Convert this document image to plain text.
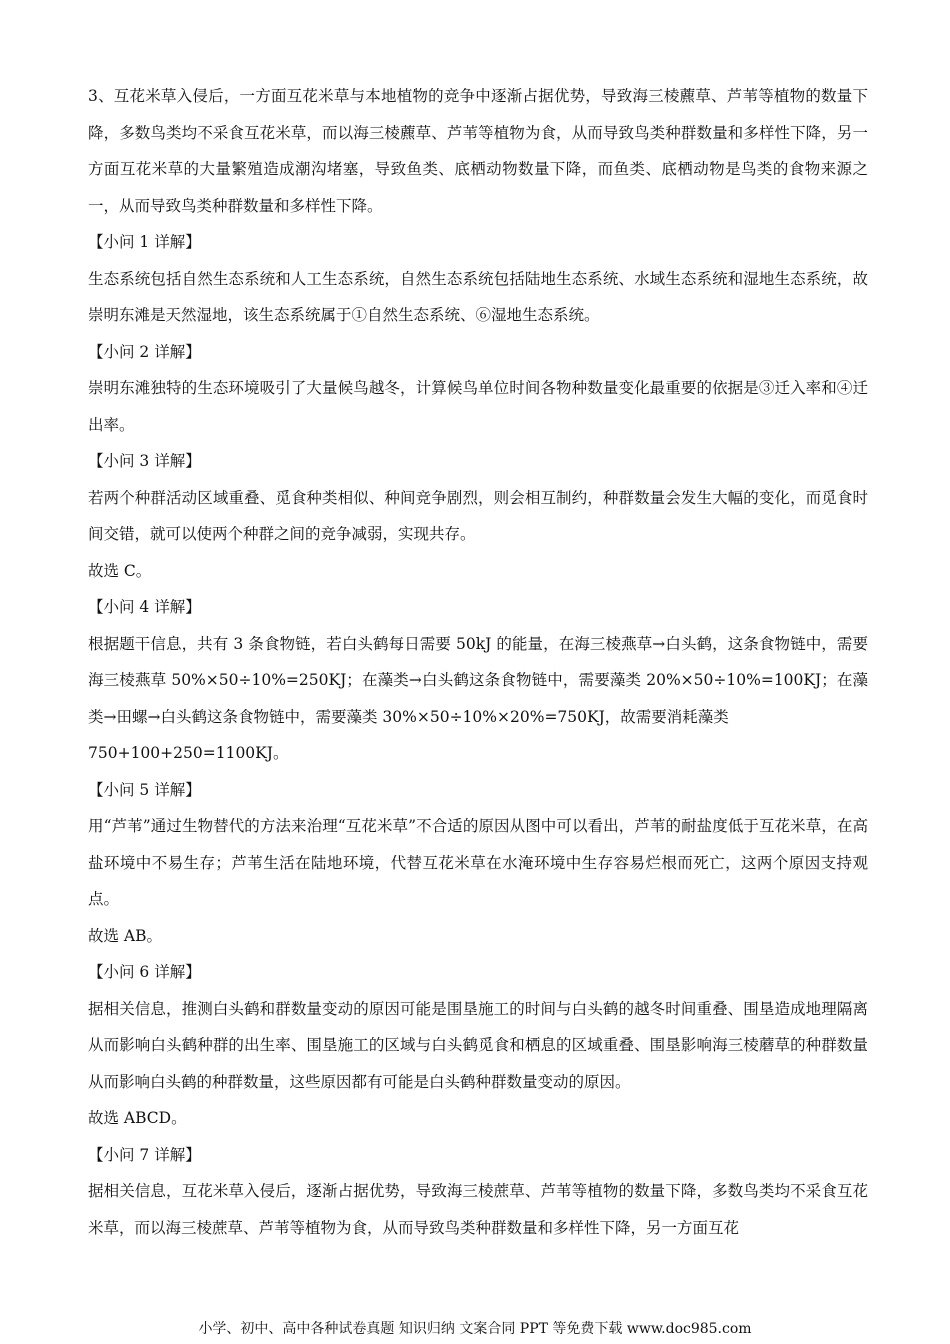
3、互花米草入侵后，一方面互花米草与本地植物的竞争中逐渐占据优势，导致海三棱藨草、芦苇等植物的数量下降，多数鸟类均不采食互花米草，而以海三棱藨草、芦苇等植物为食，从而导致鸟类种群数量和多样性下降，另一方面互花米草的大量繁殖造成潮沟堵塞，导致鱼类、底栖动物数量下降，而鱼类、底栖动物是鸟类的食物来源之一，从而导致鸟类种群数量和多样性下降。

【小问 1 详解】

生态系统包括自然生态系统和人工生态系统，自然生态系统包括陆地生态系统、水域生态系统和湿地生态系统，故崇明东滩是天然湿地，该生态系统属于①自然生态系统、⑥湿地生态系统。

【小问 2 详解】

崇明东滩独特的生态环境吸引了大量候鸟越冬，计算候鸟单位时间各物种数量变化最重要的依据是③迁入率和④迁出率。

【小问 3 详解】

若两个种群活动区域重叠、觅食种类相似、种间竞争剧烈，则会相互制约，种群数量会发生大幅的变化，而觅食时间交错，就可以使两个种群之间的竞争减弱，实现共存。

故选 C。

【小问 4 详解】

根据题干信息，共有 3 条食物链，若白头鹤每日需要 50kJ 的能量，在海三棱燕草→白头鹤，这条食物链中，需要海三棱燕草 50%×50÷10%=250KJ；在藻类→白头鹤这条食物链中，需要藻类 20%×50÷10%=100KJ；在藻类→田螺→白头鹤这条食物链中，需要藻类 30%×50÷10%×20%=750KJ，故需要消耗藻类

750+100+250=1100KJ。

【小问 5 详解】

用“芦苇”通过生物替代的方法来治理“互花米草”不合适的原因从图中可以看出，芦苇的耐盐度低于互花米草，在高盐环境中不易生存；芦苇生活在陆地环境，代替互花米草在水淹环境中生存容易烂根而死亡，这两个原因支持观点。

故选 AB。

【小问 6 详解】

据相关信息，推测白头鹤和群数量变动的原因可能是围垦施工的时间与白头鹤的越冬时间重叠、围垦造成地理隔离从而影响白头鹤种群的出生率、围垦施工的区域与白头鹤觅食和栖息的区域重叠、围垦影响海三棱蘑草的种群数量从而影响白头鹤的种群数量，这些原因都有可能是白头鹤种群数量变动的原因。

故选 ABCD。

【小问 7 详解】

据相关信息，互花米草入侵后，逐渐占据优势，导致海三棱蔗草、芦苇等植物的数量下降，多数鸟类均不采食互花米草，而以海三棱蔗草、芦苇等植物为食，从而导致鸟类种群数量和多样性下降，另一方面互花

小学、初中、高中各种试卷真题 知识归纳 文案合同 PPT 等免费下载 www.doc985.com
